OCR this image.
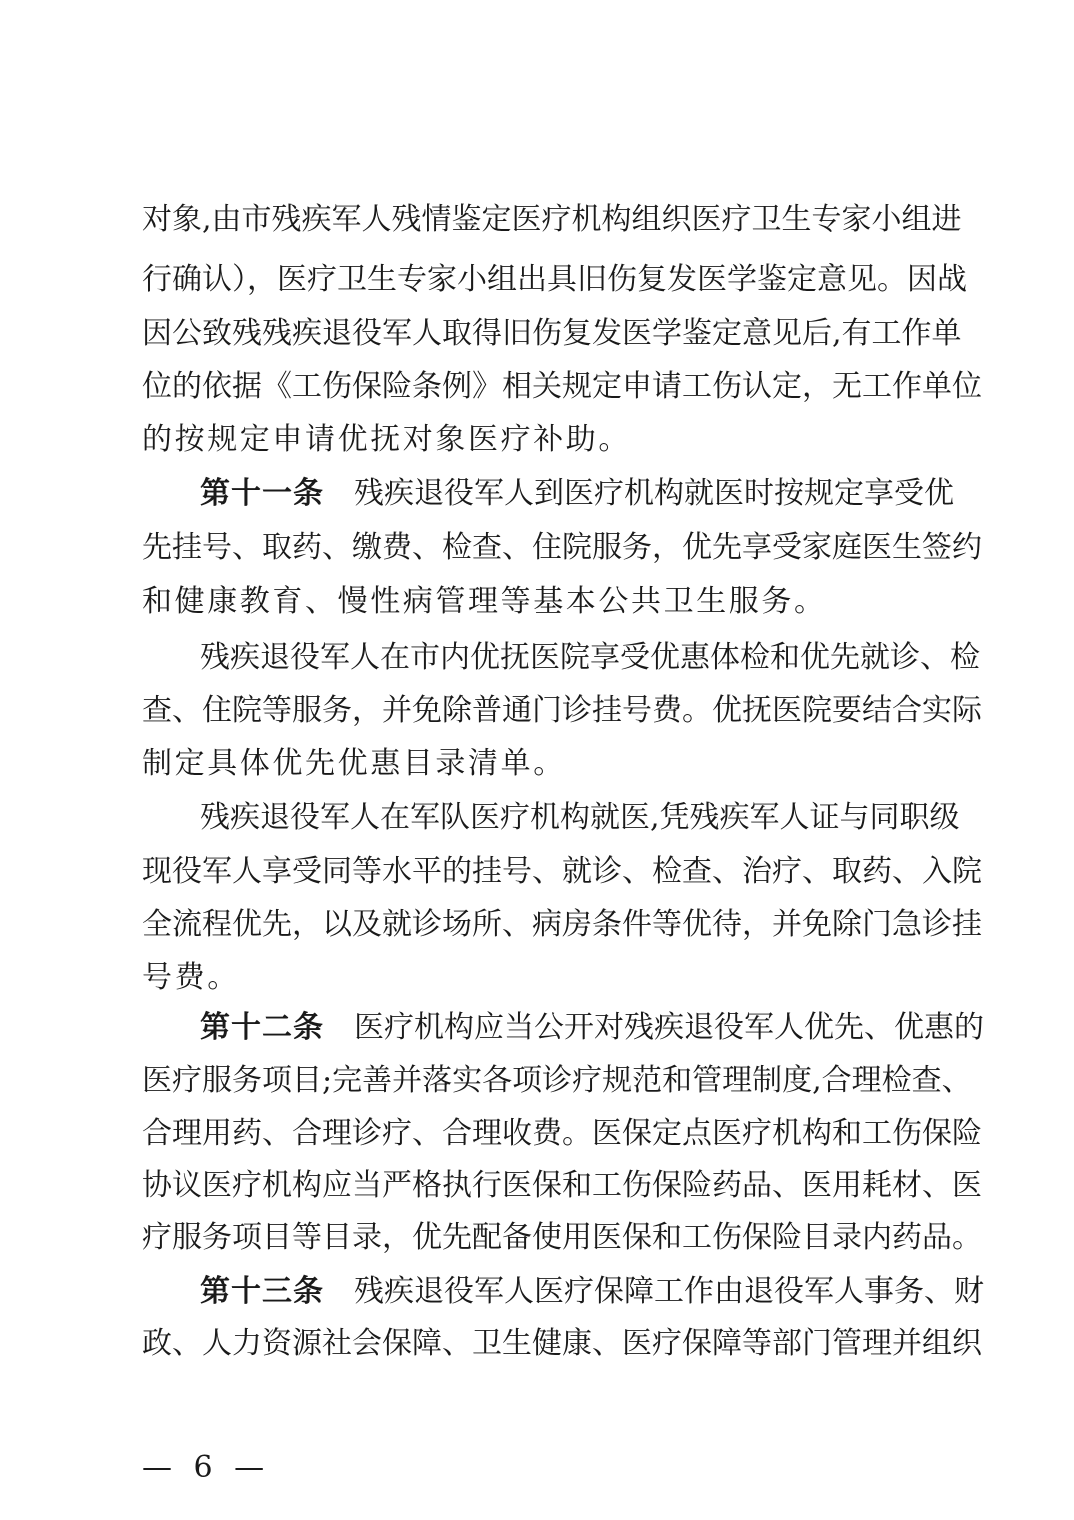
对象,由市残疾军人残情鉴定医疗机构组织医疗卫生专家小组进
行确认），医疗卫生专家小组出具旧伤复发医学鉴定意见。因战
因公致残残疾退役军人取得旧伤复发医学鉴定意见后,有工作单
位的依据《工伤保险条例》相关规定申请工伤认定，无工作单位
的按规定申请优抚对象医疗补助。
第十一条 残疾退役军人到医疗机构就医时按规定享受优
先挂号、取药、缴费、检查、住院服务，优先享受家庭医生签约
和健康教育、慢性病管理等基本公共卫生服务。
残疾退役军人在市内优抚医院享受优惠体检和优先就诊、检
查、住院等服务，并免除普通门诊挂号费。优抚医院要结合实际
制定具体优先优惠目录清单。
残疾退役军人在军队医疗机构就医,凭残疾军人证与同职级
现役军人享受同等水平的挂号、就诊、检查、治疗、取药、入院
全流程优先，以及就诊场所、病房条件等优待，并免除门急诊挂
号费。
第十二条 医疗机构应当公开对残疾退役军人优先、优惠的
医疗服务项目;完善并落实各项诊疗规范和管理制度,合理检查、
合理用药、合理诊疗、合理收费。医保定点医疗机构和工伤保险
协议医疗机构应当严格执行医保和工伤保险药品、医用耗材、医
疗服务项目等目录，优先配备使用医保和工伤保险目录内药品。
第十三条 残疾退役军人医疗保障工作由退役军人事务、财
政、人力资源社会保障、卫生健康、医疗保障等部门管理并组织
— 6 —
